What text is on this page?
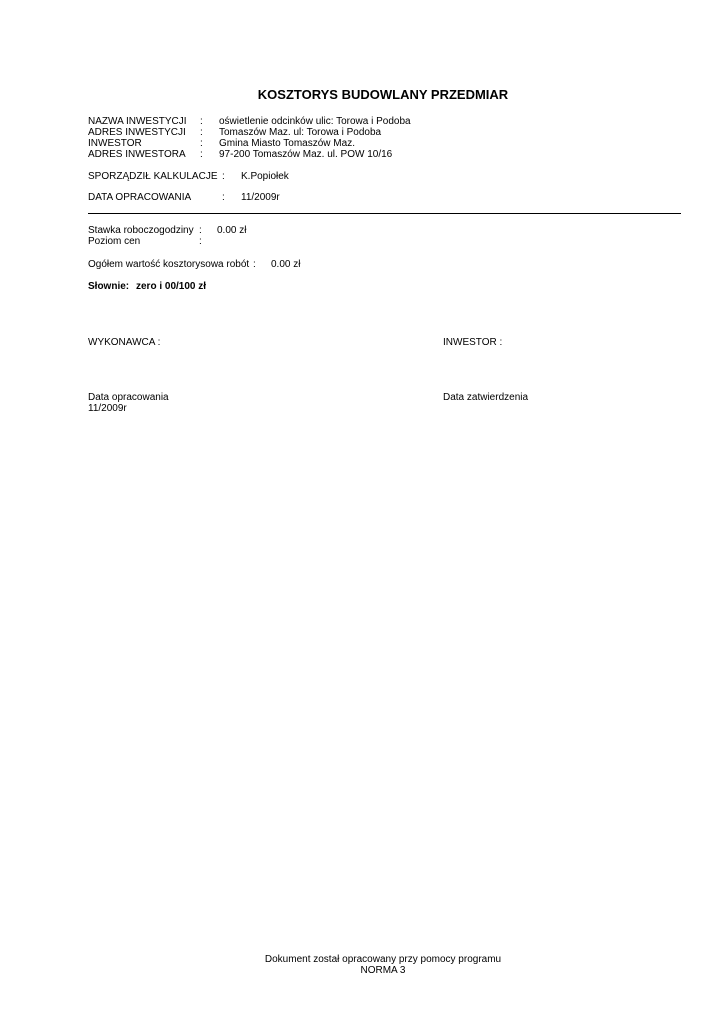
KOSZTORYS BUDOWLANY PRZEDMIAR
NAZWA INWESTYCJI : oświetlenie odcinków ulic: Torowa i Podoba
ADRES INWESTYCJI : Tomaszów Maz. ul: Torowa i Podoba
INWESTOR	: Gmina Miasto Tomaszów Maz.
ADRES INWESTORA : 97-200 Tomaszów Maz. ul. POW 10/16
SPORZĄDZIŁ KALKULACJE : K.Popiołek
DATA OPRACOWANIA	: 11/2009r
Stawka roboczogodziny : 0.00 zł
Poziom cen	:
Ogółem wartość kosztorysowa robót : 0.00 zł
Słownie: zero i 00/100 zł
WYKONAWCA :	INWESTOR :
Data opracowania
11/2009r
Data zatwierdzenia
Dokument został opracowany przy pomocy programu
NORMA 3
